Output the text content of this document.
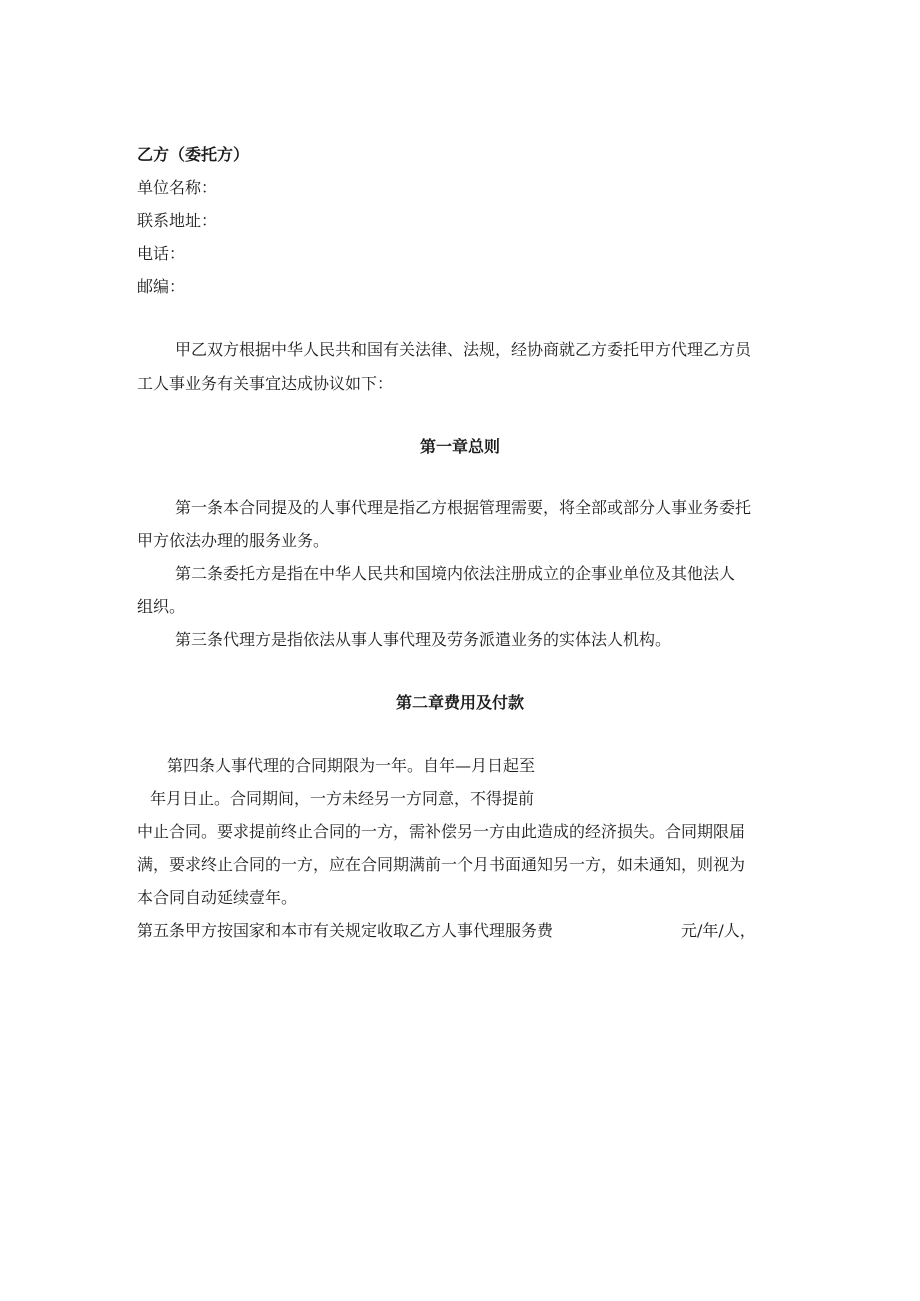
乙方（委托方）
单位名称：
联系地址：
电话：
邮编：
甲乙双方根据中华人民共和国有关法律、法规，经协商就乙方委托甲方代理乙方员
工人事业务有关事宜达成协议如下：
第一章总则
第一条本合同提及的人事代理是指乙方根据管理需要，将全部或部分人事业务委托
甲方依法办理的服务业务。
第二条委托方是指在中华人民共和国境内依法注册成立的企事业单位及其他法人
组织。
第三条代理方是指依法从事人事代理及劳务派遣业务的实体法人机构。
第二章费用及付款
第四条人事代理的合同期限为一年。自年—月日起至
年月日止。合同期间，一方未经另一方同意，不得提前
中止合同。要求提前终止合同的一方，需补偿另一方由此造成的经济损失。合同期限届
满，要求终止合同的一方，应在合同期满前一个月书面通知另一方，如未通知，则视为
本合同自动延续壹年。
第五条甲方按国家和本市有关规定收取乙方人事代理服务费	元/年/人，
